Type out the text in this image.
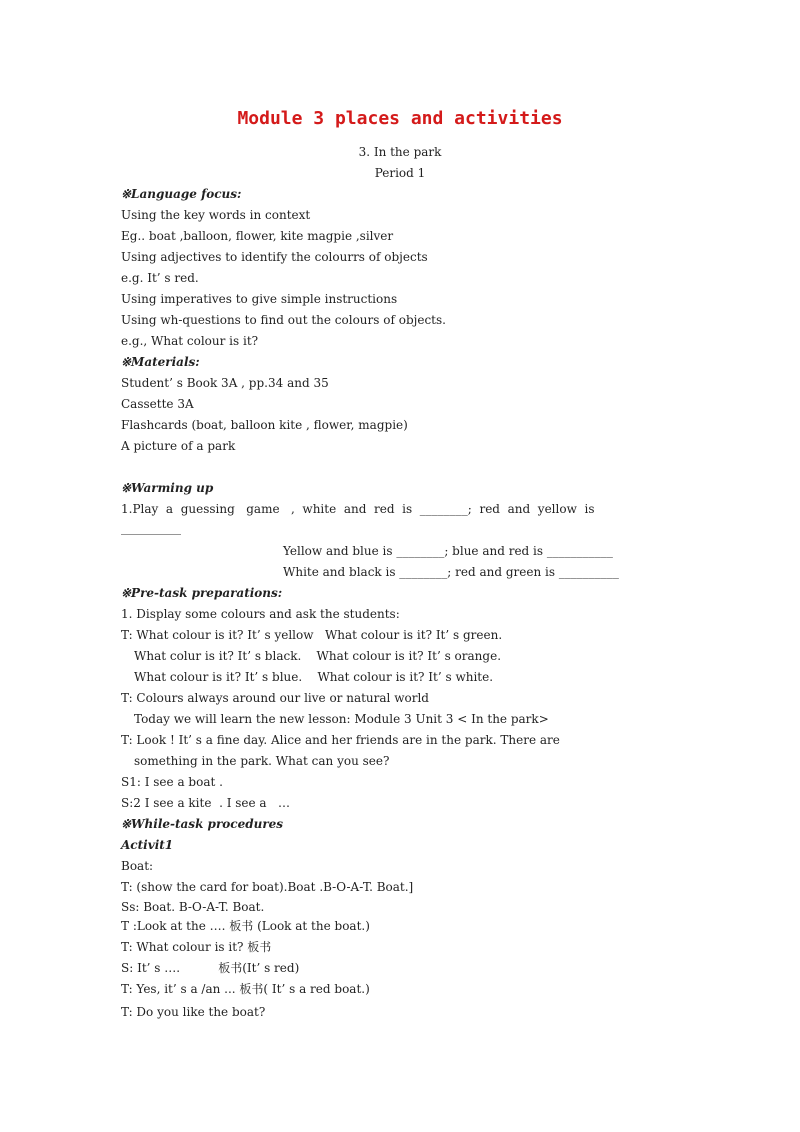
Module 3 places and activities
3. In the park
Period 1
※Language focus:
Using the key words in context
Eg.. boat ,balloon, flower, kite magpie ,silver
Using adjectives to identify the colourrs of objects
e.g. It’ s red.
Using imperatives to give simple instructions
Using wh-questions to find out the colours of objects.
e.g., What colour is it?
※Materials:
Student’ s Book 3A , pp.34 and 35
Cassette 3A
Flashcards (boat, balloon kite , flower, magpie)
A picture of a park
※Warming up
1.Play  a  guessing   game   ,  white  and  red  is  ________;  red  and  yellow  is
__________
Yellow and blue is ________; blue and red is ___________
White and black is ________; red and green is __________
※Pre-task preparations:
1. Display some colours and ask the students:
T: What colour is it? It’ s yellow   What colour is it? It’ s green.
What colur is it? It’ s black.    What colour is it? It’ s orange.
What colour is it? It’ s blue.    What colour is it? It’ s white.
T: Colours always around our live or natural world
Today we will learn the new lesson: Module 3 Unit 3 < In the park>
T: Look ! It’ s a fine day. Alice and her friends are in the park. There are
something in the park. What can you see?
S1: I see a boat .
S:2 I see a kite  . I see a   …
※While-task procedures
Activit1
Boat:
T: (show the card for boat).Boat .B-O-A-T. Boat.]
Ss: Boat. B-O-A-T. Boat.
T :Look at the …. 板书 (Look at the boat.)
T: What colour is it? 板书
S: It’ s ….          板书(It’ s red)
T: Yes, it’ s a /an ... 板书( It’ s a red boat.)
T: Do you like the boat?
